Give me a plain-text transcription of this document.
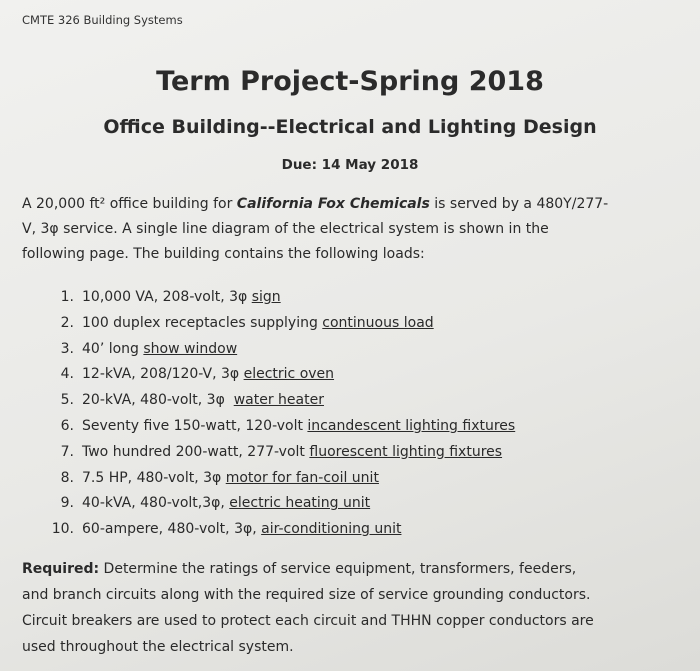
CMTE 326 Building Systems
Term Project-Spring 2018
Office Building--Electrical and Lighting Design
Due: 14 May 2018

A 20,000 ft² office building for California Fox Chemicals is served by a 480Y/277-
V, 3φ service. A single line diagram of the electrical system is shown in the
following page. The building contains the following loads:

1. 10,000 VA, 208-volt, 3φ sign
2. 100 duplex receptacles supplying continuous load
3. 40’ long show window
4. 12-kVA, 208/120-V, 3φ electric oven
5. 20-kVA, 480-volt, 3φ  water heater
6. Seventy five 150-watt, 120-volt incandescent lighting fixtures
7. Two hundred 200-watt, 277-volt fluorescent lighting fixtures
8. 7.5 HP, 480-volt, 3φ motor for fan-coil unit
9. 40-kVA, 480-volt,3φ, electric heating unit
10. 60-ampere, 480-volt, 3φ, air-conditioning unit

Required: Determine the ratings of service equipment, transformers, feeders,
and branch circuits along with the required size of service grounding conductors.
Circuit breakers are used to protect each circuit and THHN copper conductors are
used throughout the electrical system.
